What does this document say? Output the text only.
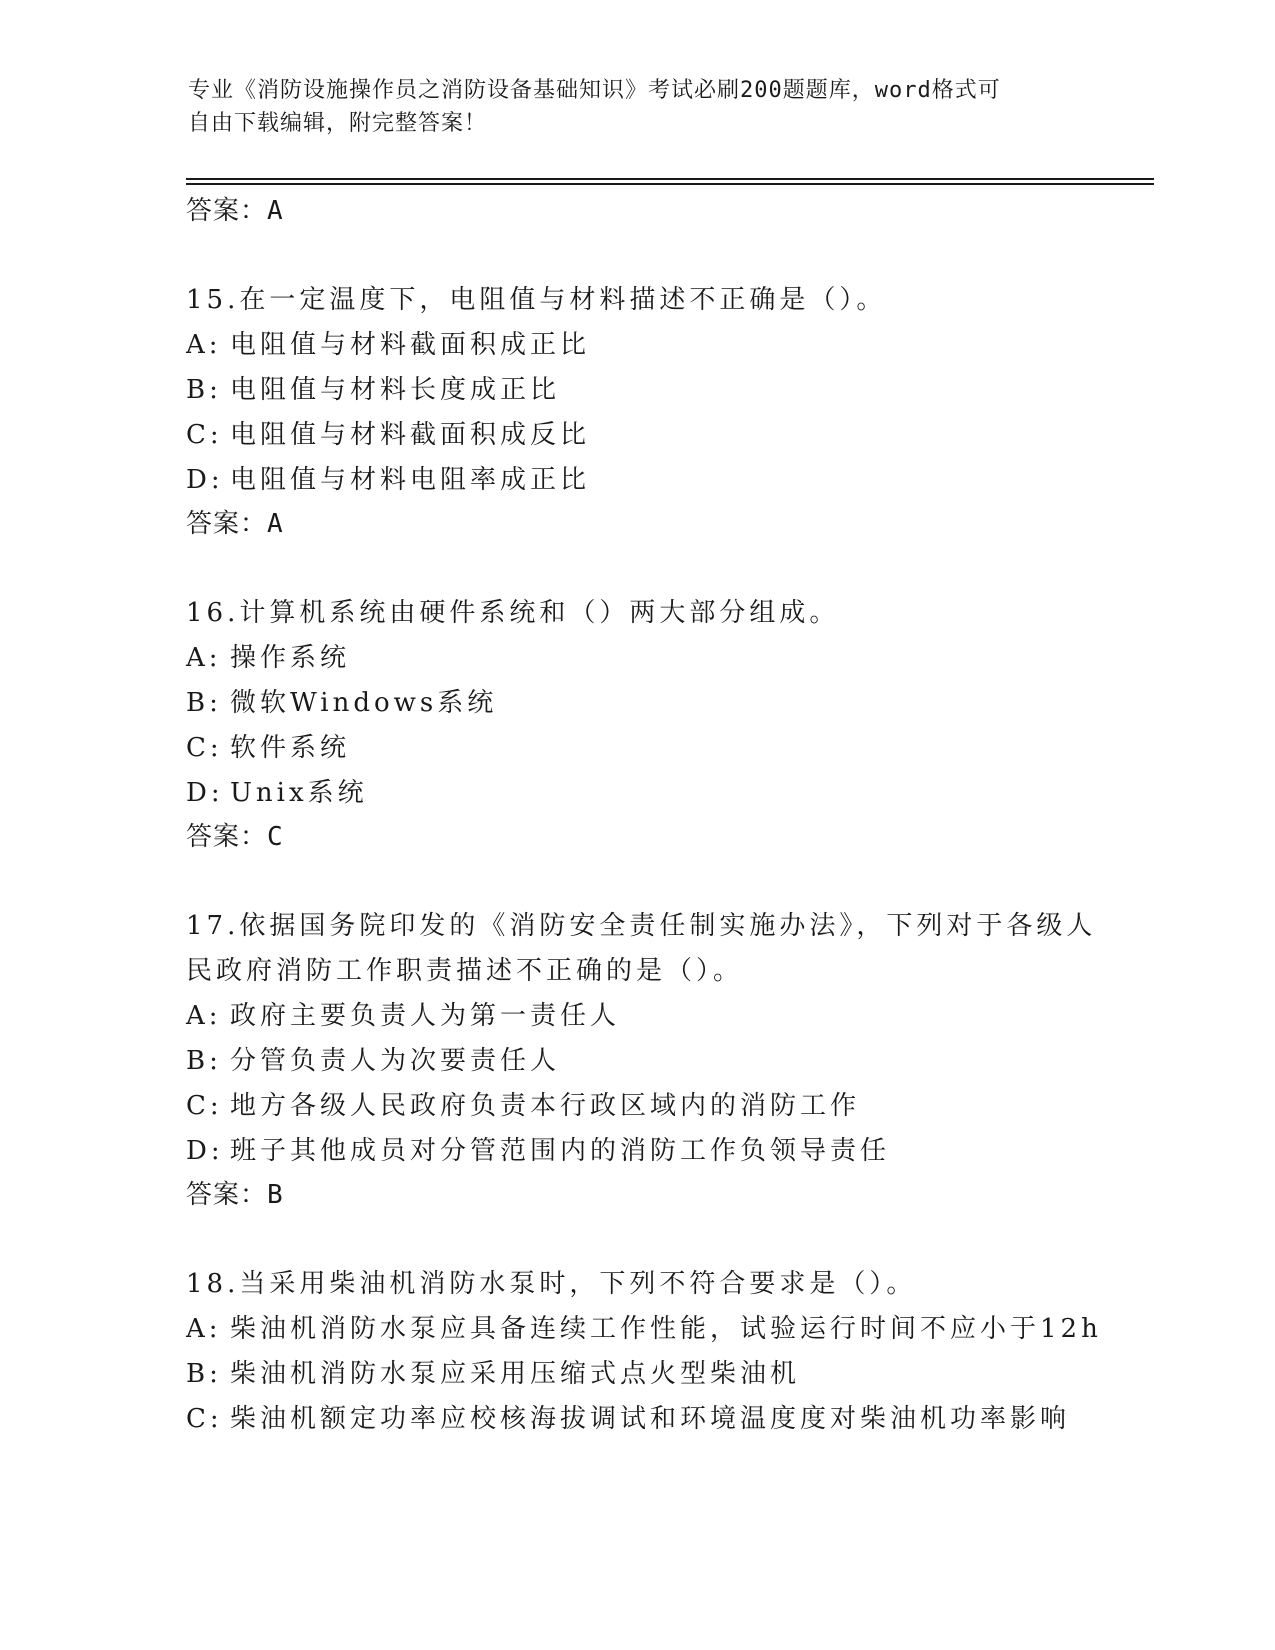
专业《消防设施操作员之消防设备基础知识》考试必刷200题题库，word格式可
自由下载编辑，附完整答案！
答案：A
15.在一定温度下，电阻值与材料描述不正确是（）。
A: 电阻值与材料截面积成正比
B: 电阻值与材料长度成正比
C: 电阻值与材料截面积成反比
D: 电阻值与材料电阻率成正比
答案：A
16.计算机系统由硬件系统和（）两大部分组成。
A: 操作系统
B: 微软Windows系统
C: 软件系统
D: Unix系统
答案：C
17.依据国务院印发的《消防安全责任制实施办法》，下列对于各级人
民政府消防工作职责描述不正确的是（）。
A: 政府主要负责人为第一责任人
B: 分管负责人为次要责任人
C: 地方各级人民政府负责本行政区域内的消防工作
D: 班子其他成员对分管范围内的消防工作负领导责任
答案：B
18.当采用柴油机消防水泵时，下列不符合要求是（）。
A: 柴油机消防水泵应具备连续工作性能，试验运行时间不应小于12h
B: 柴油机消防水泵应采用压缩式点火型柴油机
C: 柴油机额定功率应校核海拔调试和环境温度度对柴油机功率影响
